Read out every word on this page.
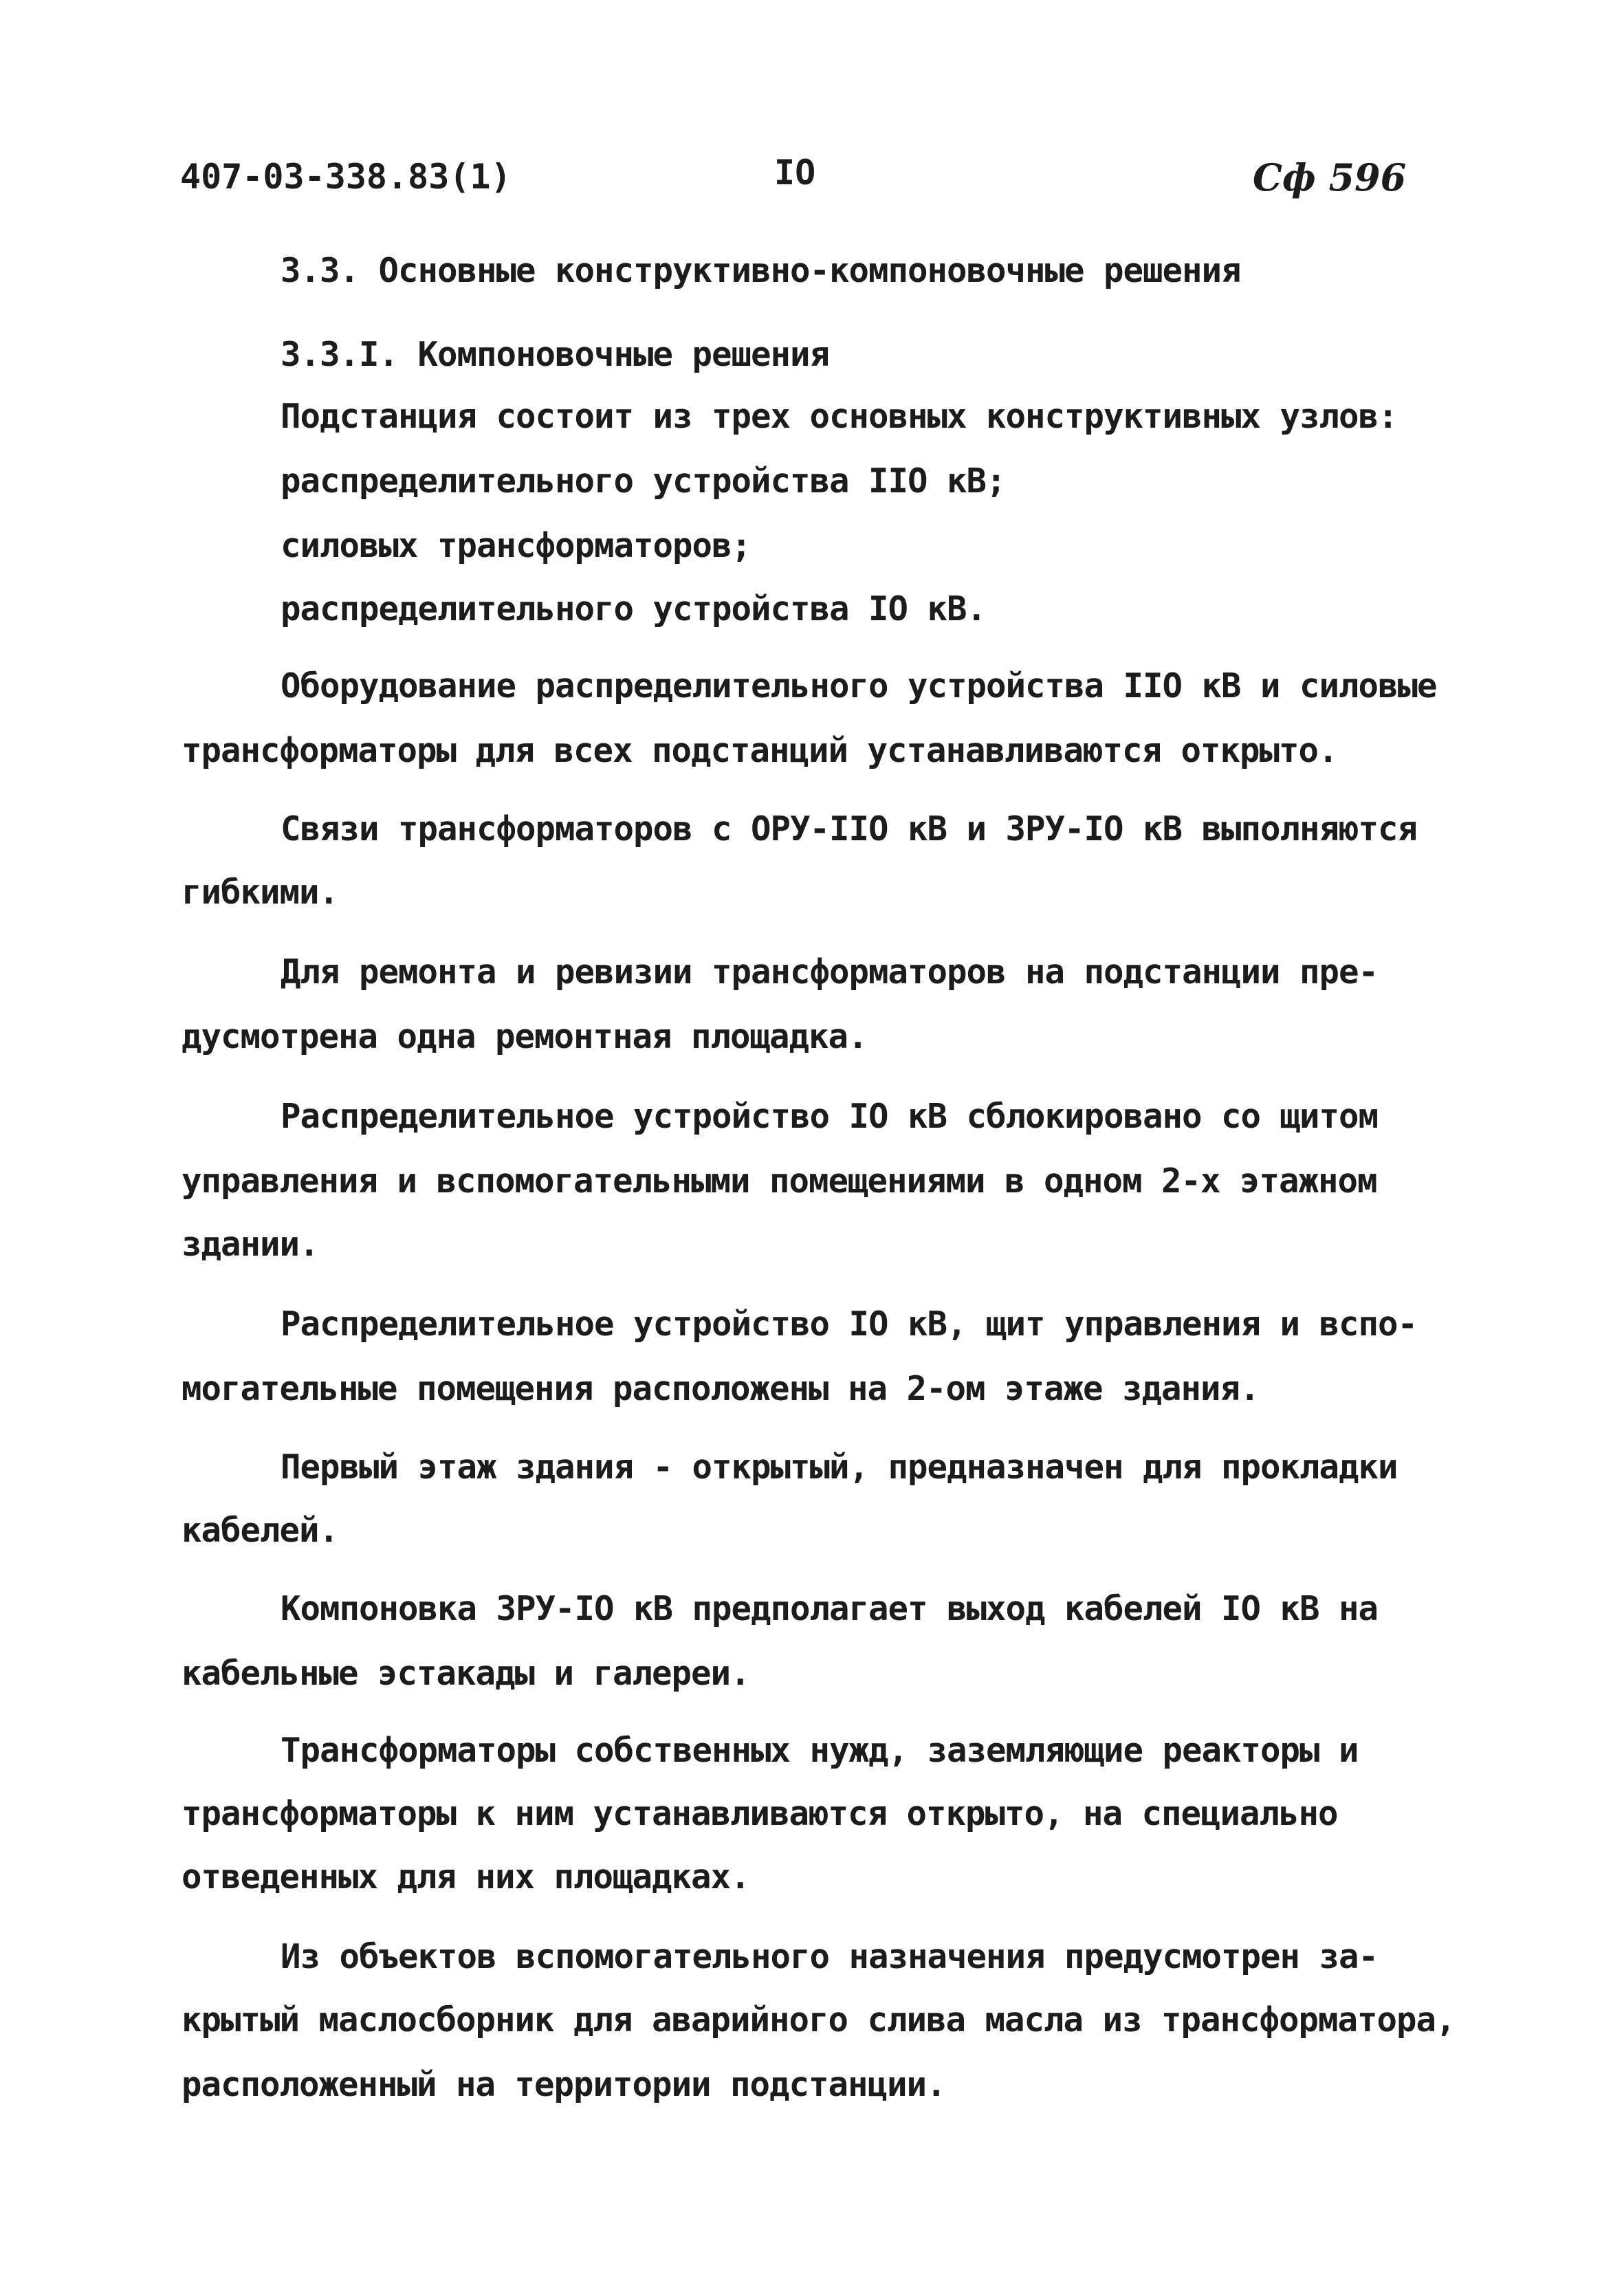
407-03-338.83(1)	IO	Сф 596
3.3. Основные конструктивно-компоновочные решения
3.3.I. Компоновочные решения
Подстанция состоит из трех основных конструктивных узлов:
распределительного устройства IIO кВ;
силовых трансформаторов;
распределительного устройства IO кВ.
Оборудование распределительного устройства IIO кВ и силовые
трансформаторы для всех подстанций устанавливаются открыто.
Связи трансформаторов с ОРУ-IIO кВ и ЗРУ-IO кВ выполняются
гибкими.
Для ремонта и ревизии трансформаторов на подстанции пре-
дусмотрена одна ремонтная площадка.
Распределительное устройство IO кВ сблокировано со щитом
управления и вспомогательными помещениями в одном 2-х этажном
здании.
Распределительное устройство IO кВ, щит управления и вспо-
могательные помещения расположены на 2-ом этаже здания.
Первый этаж здания - открытый, предназначен для прокладки
кабелей.
Компоновка ЗРУ-IO кВ предполагает выход кабелей IO кВ на
кабельные эстакады и галереи.
Трансформаторы собственных нужд, заземляющие реакторы и
трансформаторы к ним устанавливаются открыто, на специально
отведенных для них площадках.
Из объектов вспомогательного назначения предусмотрен за-
крытый маслосборник для аварийного слива масла из трансформатора,
расположенный на территории подстанции.
